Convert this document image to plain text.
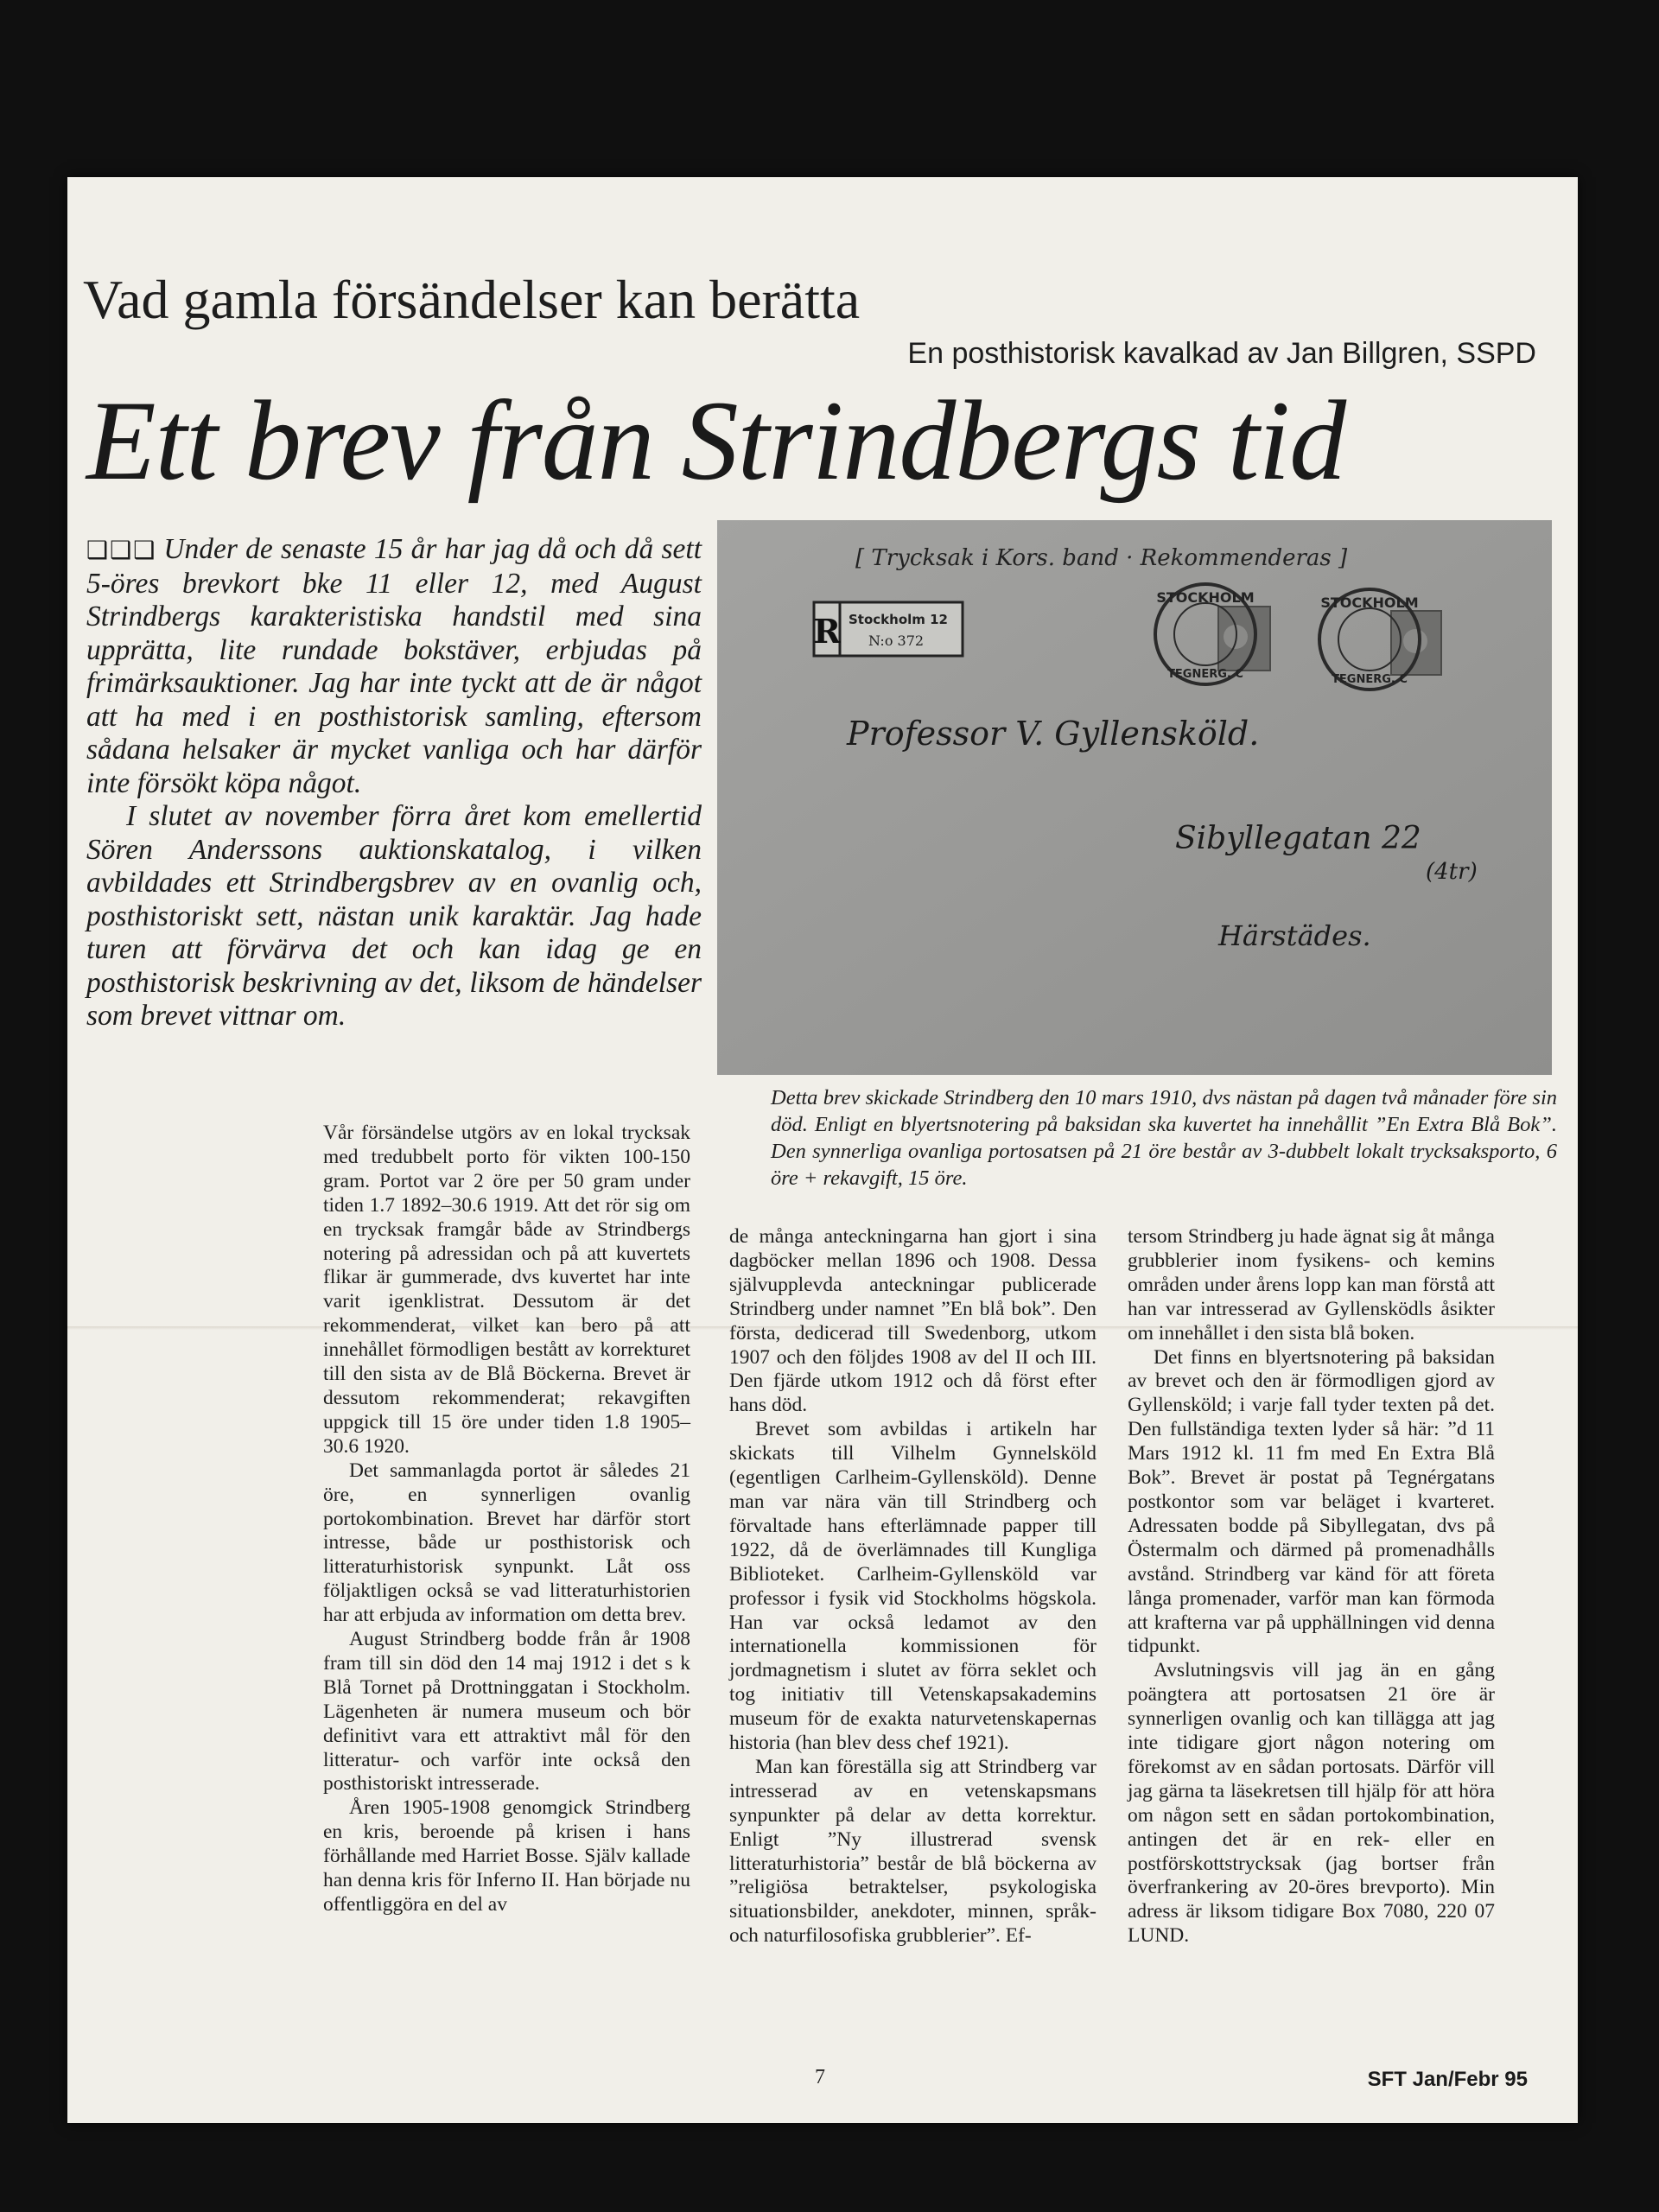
Vad gamla försändelser kan berätta
En posthistorisk kavalkad av Jan Billgren, SSPD
Ett brev från Strindbergs tid

❑❑❑ Under de senaste 15 år har jag då och då sett 5-öres brevkort bke 11 eller 12, med August Strindbergs karakteristiska handstil med sina upprätta, lite rundade bokstäver, erbjudas på frimärksauktioner. Jag har inte tyckt att de är något att ha med i en posthistorisk samling, eftersom sådana helsaker är mycket vanliga och har därför inte försökt köpa något.

I slutet av november förra året kom emellertid Sören Anderssons auktionskatalog, i vilken avbildades ett Strindbergsbrev av en ovanlig och, posthistoriskt sett, nästan unik karaktär. Jag hade turen att förvärva det och kan idag ge en posthistorisk beskrivning av det, liksom de händelser som brevet vittnar om.

[ Trycksak i Kors. band · Rekommenderas ]
R Stockholm 12
N:o 372
STOCKHOLM
TEGNERG. C
STOCKHOLM
TEGNERG. C
Professor V. Gyllensköld.
Sibyllegatan 22
(4tr)
Härstädes.
Detta brev skickade Strindberg den 10 mars 1910, dvs nästan på dagen två månader före sin död. Enligt en blyertsnotering på baksidan ska kuvertet ha innehållit ”En Extra Blå Bok”. Den synnerliga ovanliga portosatsen på 21 öre består av 3-dubbelt lokalt trycksaksporto, 6 öre + rekavgift, 15 öre.

Vår försändelse utgörs av en lokal trycksak med tredubbelt porto för vikten 100-150 gram. Portot var 2 öre per 50 gram under tiden 1.7 1892–30.6 1919. Att det rör sig om en trycksak framgår både av Strindbergs notering på adressidan och på att kuvertets flikar är gummerade, dvs kuvertet har inte varit igenklistrat. Dessutom är det rekommenderat, vilket kan bero på att innehållet förmodligen bestått av korrekturet till den sista av de Blå Böckerna. Brevet är dessutom rekommenderat; rekavgiften uppgick till 15 öre under tiden 1.8 1905–30.6 1920.

Det sammanlagda portot är således 21 öre, en synnerligen ovanlig portokombination. Brevet har därför stort intresse, både ur posthistorisk och litteraturhistorisk synpunkt. Låt oss följaktligen också se vad litteraturhistorien har att erbjuda av information om detta brev.

August Strindberg bodde från år 1908 fram till sin död den 14 maj 1912 i det s k Blå Tornet på Drottninggatan i Stockholm. Lägenheten är numera museum och bör definitivt vara ett attraktivt mål för den litteratur- och varför inte också den posthistoriskt intresserade.

Åren 1905-1908 genomgick Strindberg en kris, beroende på krisen i hans förhållande med Harriet Bosse. Själv kallade han denna kris för Inferno II. Han började nu offentliggöra en del av

de många anteckningarna han gjort i sina dagböcker mellan 1896 och 1908. Dessa självupplevda anteckningar publicerade Strindberg under namnet ”En blå bok”. Den första, dedicerad till Swedenborg, utkom 1907 och den följdes 1908 av del II och III. Den fjärde utkom 1912 och då först efter hans död.

Brevet som avbildas i artikeln har skickats till Vilhelm Gynnelsköld (egentligen Carlheim-Gyllensköld). Denne man var nära vän till Strindberg och förvaltade hans efterlämnade papper till 1922, då de överlämnades till Kungliga Biblioteket. Carlheim-Gyllensköld var professor i fysik vid Stockholms högskola. Han var också ledamot av den internationella kommissionen för jordmagnetism i slutet av förra seklet och tog initiativ till Vetenskapsakademins museum för de exakta naturvetenskapernas historia (han blev dess chef 1921).

Man kan föreställa sig att Strindberg var intresserad av en vetenskapsmans synpunkter på delar av detta korrektur. Enligt ”Ny illustrerad svensk litteraturhistoria” består de blå böckerna av ”religiösa betraktelser, psykologiska situationsbilder, anekdoter, minnen, språk- och naturfilosofiska grubblerier”. Ef-

tersom Strindberg ju hade ägnat sig åt många grubblerier inom fysikens- och kemins områden under årens lopp kan man förstå att han var intresserad av Gyllensködls åsikter om innehållet i den sista blå boken.

Det finns en blyertsnotering på baksidan av brevet och den är förmodligen gjord av Gyllensköld; i varje fall tyder texten på det. Den fullständiga texten lyder så här: ”d 11 Mars 1912 kl. 11 fm med En Extra Blå Bok”. Brevet är postat på Tegnérgatans postkontor som var beläget i kvarteret. Adressaten bodde på Sibyllegatan, dvs på Östermalm och därmed på promenadhålls avstånd. Strindberg var känd för att företa långa promenader, varför man kan förmoda att krafterna var på upphällningen vid denna tidpunkt.

Avslutningsvis vill jag än en gång poängtera att portosatsen 21 öre är synnerligen ovanlig och kan tillägga att jag inte tidigare gjort någon notering om förekomst av en sådan portosats. Därför vill jag gärna ta läsekretsen till hjälp för att höra om någon sett en sådan portokombination, antingen det är en rek- eller en postförskottstrycksak (jag bortser från överfrankering av 20-öres brevporto). Min adress är liksom tidigare Box 7080, 220 07 LUND.

7	SFT Jan/Febr 95
